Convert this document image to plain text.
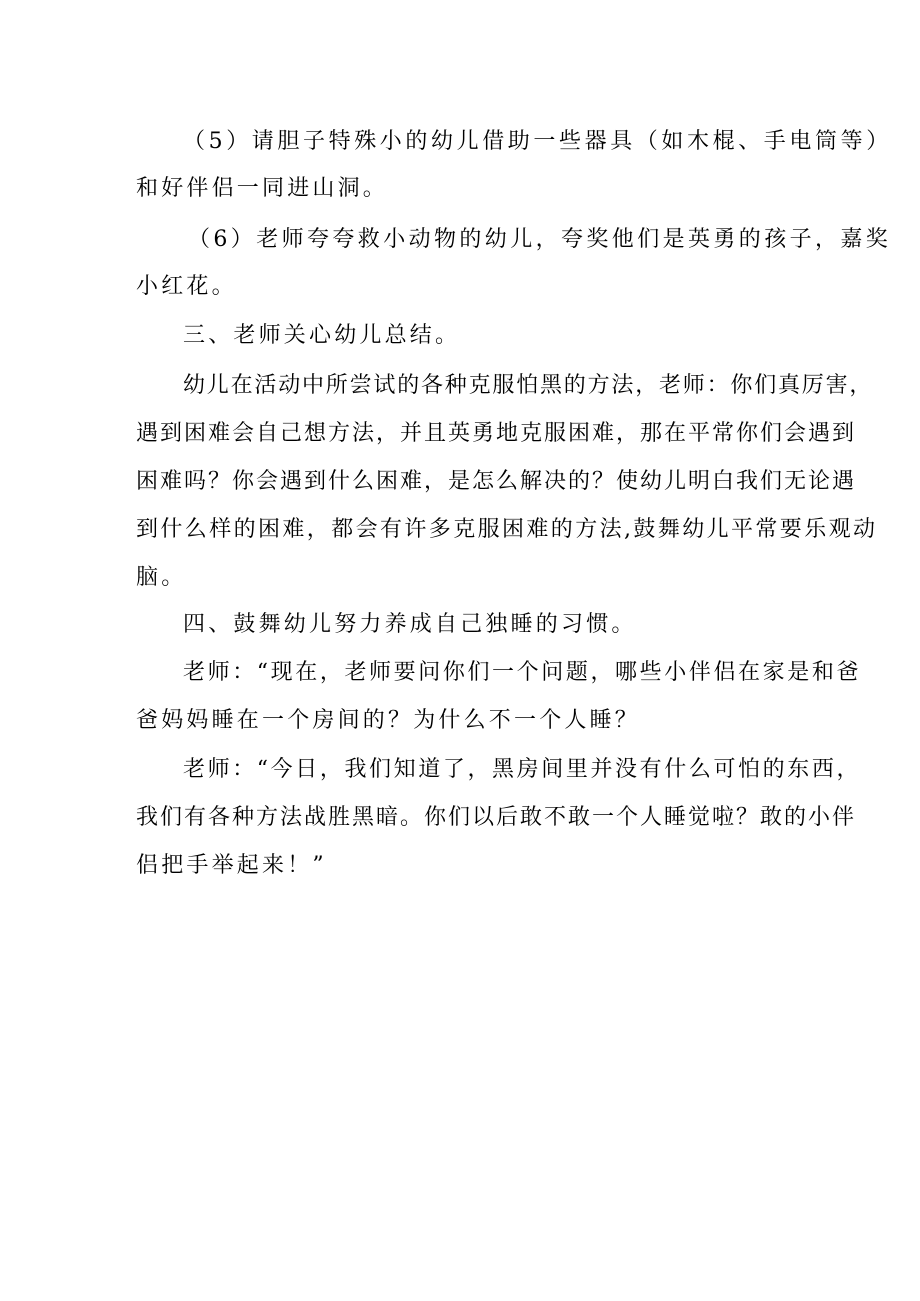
（5）请胆子特殊小的幼儿借助一些器具（如木棍、手电筒等）
和好伴侣一同进山洞。
（6）老师夸夸救小动物的幼儿，夸奖他们是英勇的孩子，嘉奖
小红花。
三、老师关心幼儿总结。
幼儿在活动中所尝试的各种克服怕黑的方法，老师：你们真厉害，
遇到困难会自己想方法，并且英勇地克服困难，那在平常你们会遇到
困难吗？你会遇到什么困难，是怎么解决的？使幼儿明白我们无论遇
到什么样的困难，都会有许多克服困难的方法,鼓舞幼儿平常要乐观动
脑。
四、鼓舞幼儿努力养成自己独睡的习惯。
老师：“现在，老师要问你们一个问题，哪些小伴侣在家是和爸
爸妈妈睡在一个房间的？为什么不一个人睡？
老师：“今日，我们知道了，黑房间里并没有什么可怕的东西，
我们有各种方法战胜黑暗。你们以后敢不敢一个人睡觉啦？敢的小伴
侣把手举起来！”
